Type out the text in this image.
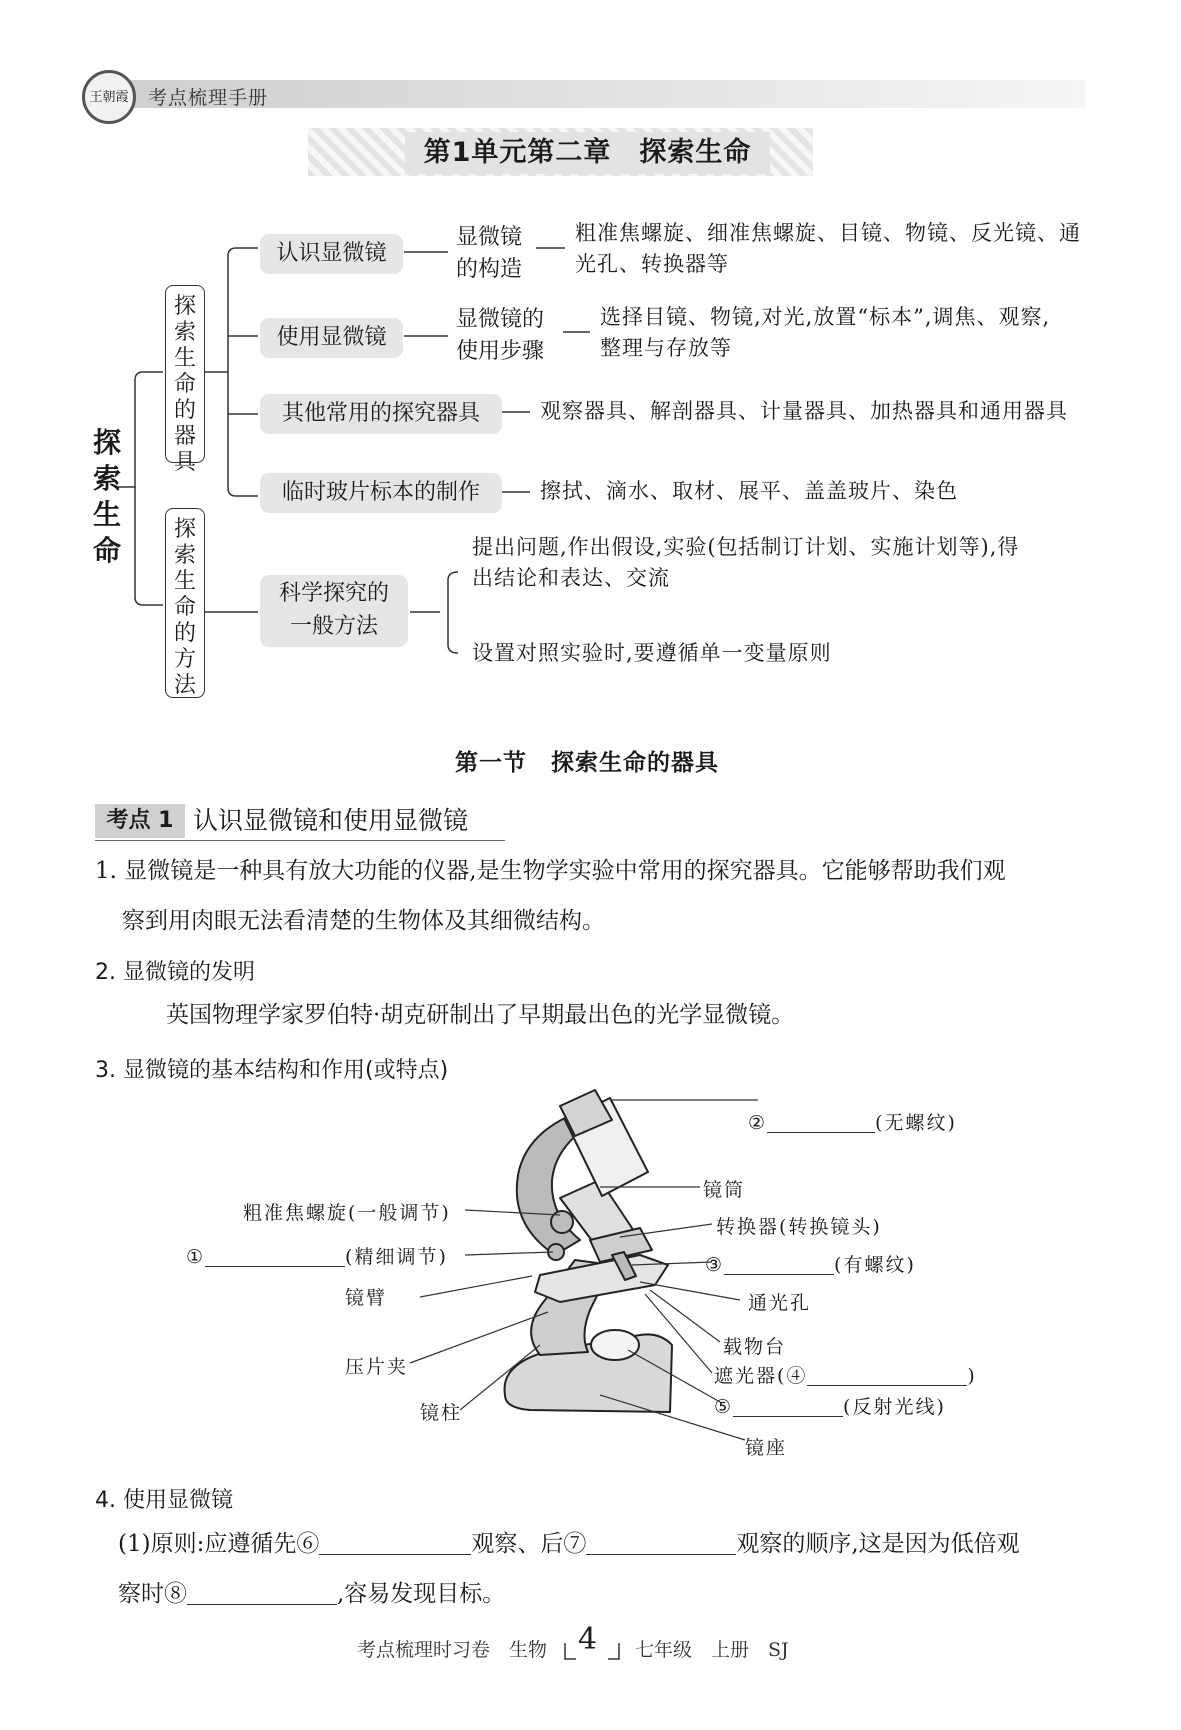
王朝霞	考点梳理手册
第1单元第二章　探索生命
探索生命
探索生命的器具
探索生命的方法
认识显微镜
显微镜
的构造
粗准焦螺旋、细准焦螺旋、目镜、物镜、反光镜、通
光孔、转换器等
使用显微镜
显微镜的
使用步骤
选择目镜、物镜,对光,放置“标本”,调焦、观察,
整理与存放等
其他常用的探究器具	观察器具、解剖器具、计量器具、加热器具和通用器具
临时玻片标本的制作	擦拭、滴水、取材、展平、盖盖玻片、染色
科学探究的
一般方法
提出问题,作出假设,实验(包括制订计划、实施计划等),得
出结论和表达、交流
设置对照实验时,要遵循单一变量原则
第一节　探索生命的器具
考点 1 认识显微镜和使用显微镜
1. 显微镜是一种具有放大功能的仪器,是生物学实验中常用的探究器具。它能够帮助我们观
察到用肉眼无法看清楚的生物体及其细微结构。
2. 显微镜的发明
英国物理学家罗伯特·胡克研制出了早期最出色的光学显微镜。
3. 显微镜的基本结构和作用(或特点)
粗准焦螺旋(一般调节)
①	(精细调节)
镜臂
压片夹
镜柱
②	(无螺纹)
镜筒
转换器(转换镜头)
③	(有螺纹)
通光孔
载物台
遮光器(④	)
⑤	(反射光线)
镜座
4. 使用显微镜
(1)原则:应遵循先⑥	观察、后⑦	观察的顺序,这是因为低倍观
察时⑧	,容易发现目标。
考点梳理时习卷　生物 4 七年级　上册　SJ
